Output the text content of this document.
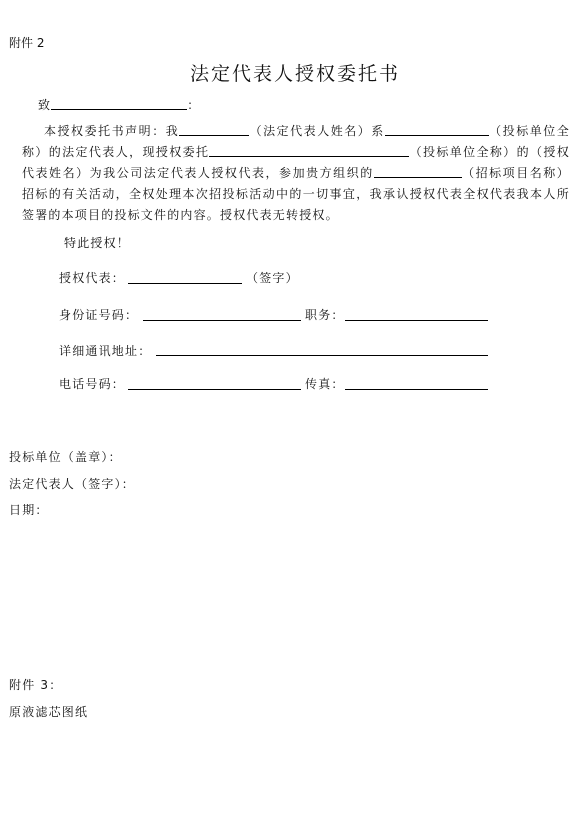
附件 2
法定代表人授权委托书
致	：
本授权委托书声明：我	（法定代表人姓名）系	（投标单位全称）的法定代表人，现授权委托	（投标单位全称）的（授权代表姓名）为我公司法定代表人授权代表，参加贵方组织的	（招标项目名称）招标的有关活动，全权处理本次招投标活动中的一切事宜，我承认授权代表全权代表我本人所签署的本项目的投标文件的内容。授权代表无转授权。
特此授权！
授权代表：	（签字）
身份证号码：	职务：
详细通讯地址：
电话号码：	传真：
投标单位（盖章）：
法定代表人（签字）：
日期：
附件 3：
原液滤芯图纸
